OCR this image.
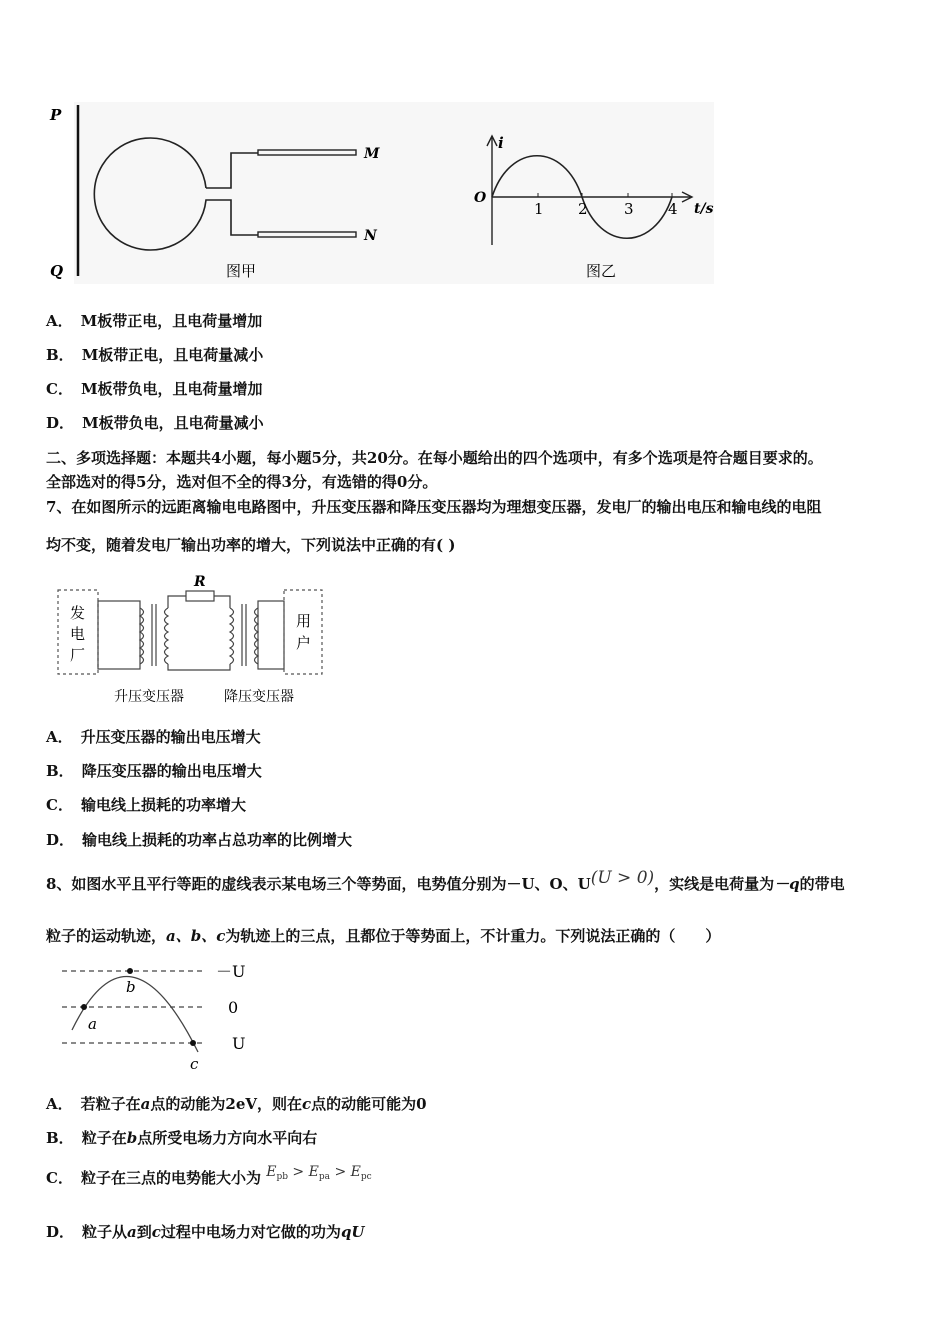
P
Q
M
N
图甲
i
t/s
O
1 2 3 4
图乙
A． M板带正电，且电荷量增加
B． M板带正电，且电荷量减小
C． M板带负电，且电荷量增加
D． M板带负电，且电荷量减小
二、多项选择题：本题共4小题，每小题5分，共20分。在每小题给出的四个选项中，有多个选项是符合题目要求的。
全部选对的得5分，选对但不全的得3分，有选错的得0分。
7、在如图所示的远距离输电电路图中，升压变压器和降压变压器均为理想变压器，发电厂的输出电压和输电线的电阻
均不变，随着发电厂输出功率的增大，下列说法中正确的有( )
发
电
厂
R
用
户
升压变压器	降压变压器
A． 升压变压器的输出电压增大
B． 降压变压器的输出电压增大
C． 输电线上损耗的功率增大
D． 输电线上损耗的功率占总功率的比例增大
8、如图水平且平行等距的虚线表示某电场三个等势面，电势值分别为－U、O、U(U > 0)，实线是电荷量为－q的带电
粒子的运动轨迹，a、b、c为轨迹上的三点，且都位于等势面上，不计重力。下列说法正确的（　　）
－U
0
U
a
b
c
A． 若粒子在a点的动能为2eV，则在c点的动能可能为0
B． 粒子在b点所受电场力方向水平向右
C． 粒子在三点的电势能大小为 $E_{pb} > E_{pa} > E_{pc}$
D． 粒子从a到c过程中电场力对它做的功为qU
